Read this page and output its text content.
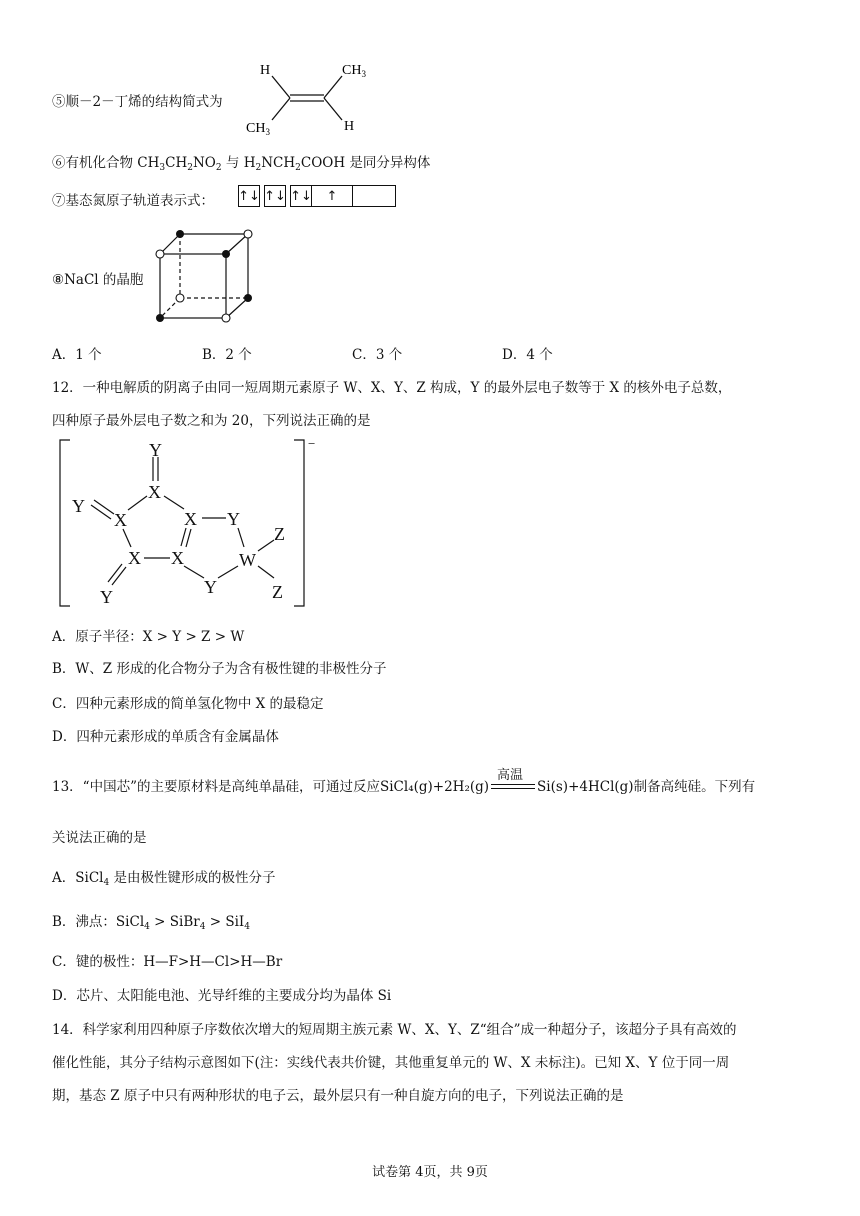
⑤顺－2－丁烯的结构简式为
H	$CH_3$
$CH_3$	H
⑥有机化合物 $CH_3CH_2NO_2$ 与 $H_2NCH_2COOH$ 是同分异构体
⑦基态氮原子轨道表示式： ↑↓ ↑↓ ↑↓	↑
⑧NaCl 的晶胞
A．1 个	B．2 个	C．3 个	D．4 个
12．一种电解质的阴离子由同一短周期元素原子 W、X、Y、Z 构成，Y 的最外层电子数等于 X 的核外电子总数，
四种原子最外层电子数之和为 20，下列说法正确的是
Y
X
Y
X	X Y
X X	W
Y
Z
Y	Z
−
A．原子半径：X > Y > Z > W
B．W、Z 形成的化合物分子为含有极性键的非极性分子
C．四种元素形成的简单氢化物中 X 的最稳定
D．四种元素形成的单质含有金属晶体
13．“中国芯”的主要原材料是高纯单晶硅，可通过反应SiCl₄(g)+2H₂(g)
高温
Si(s)+4HCl(g)制备高纯硅。下列有
关说法正确的是
A．SiCl$_4$ 是由极性键形成的极性分子
B．沸点：SiCl$_4$ > SiBr$_4$ > SiI$_4$
C．键的极性：H—F>H—Cl>H—Br
D．芯片、太阳能电池、光导纤维的主要成分均为晶体 Si
14．科学家利用四种原子序数依次增大的短周期主族元素 W、X、Y、Z“组合”成一种超分子，该超分子具有高效的
催化性能，其分子结构示意图如下(注：实线代表共价键，其他重复单元的 W、X 未标注)。已知 X、Y 位于同一周
期，基态 Z 原子中只有两种形状的电子云，最外层只有一种自旋方向的电子，下列说法正确的是
试卷第 4页，共 9页
